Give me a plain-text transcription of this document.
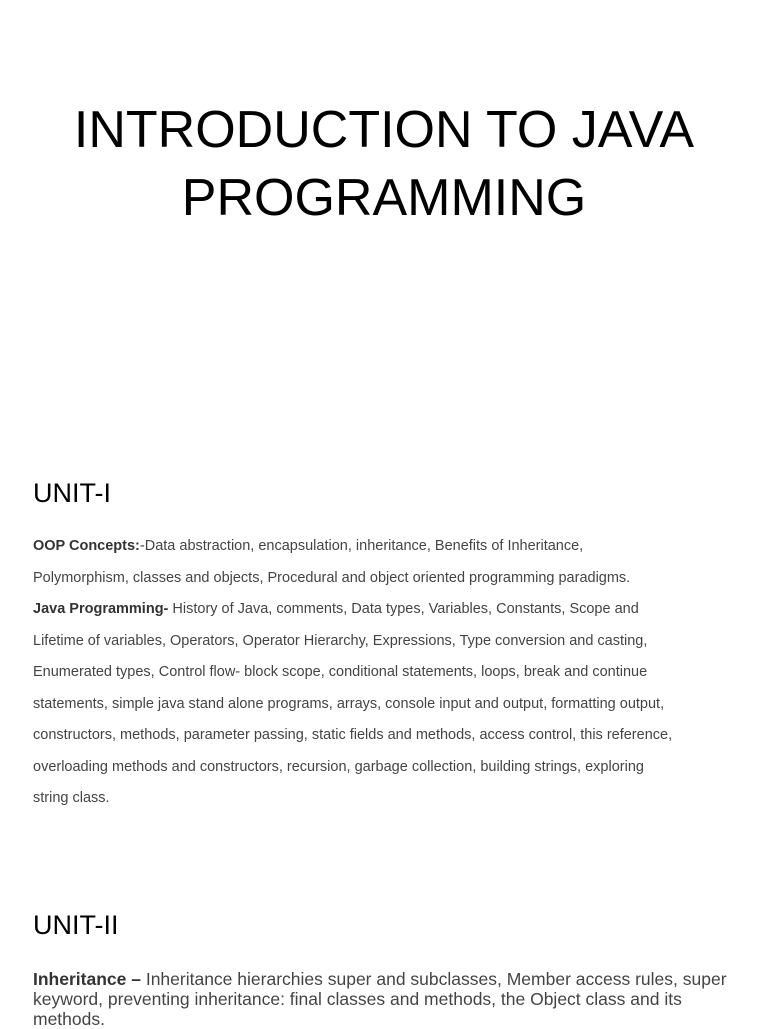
INTRODUCTION TO JAVA
PROGRAMMING
UNIT-I

OOP Concepts:-Data abstraction, encapsulation, inheritance, Benefits of Inheritance,
Polymorphism, classes and objects, Procedural and object oriented programming paradigms.
Java Programming- History of Java, comments, Data types, Variables, Constants, Scope and
Lifetime of variables, Operators, Operator Hierarchy, Expressions, Type conversion and casting,
Enumerated types, Control flow- block scope, conditional statements, loops, break and continue
statements, simple java stand alone programs, arrays, console input and output, formatting output,
constructors, methods, parameter passing, static fields and methods, access control, this reference,
overloading methods and constructors, recursion, garbage collection, building strings, exploring
string class.

UNIT-II

Inheritance – Inheritance hierarchies super and subclasses, Member access rules, super keyword, preventing inheritance: final classes and methods, the Object class and its methods.
